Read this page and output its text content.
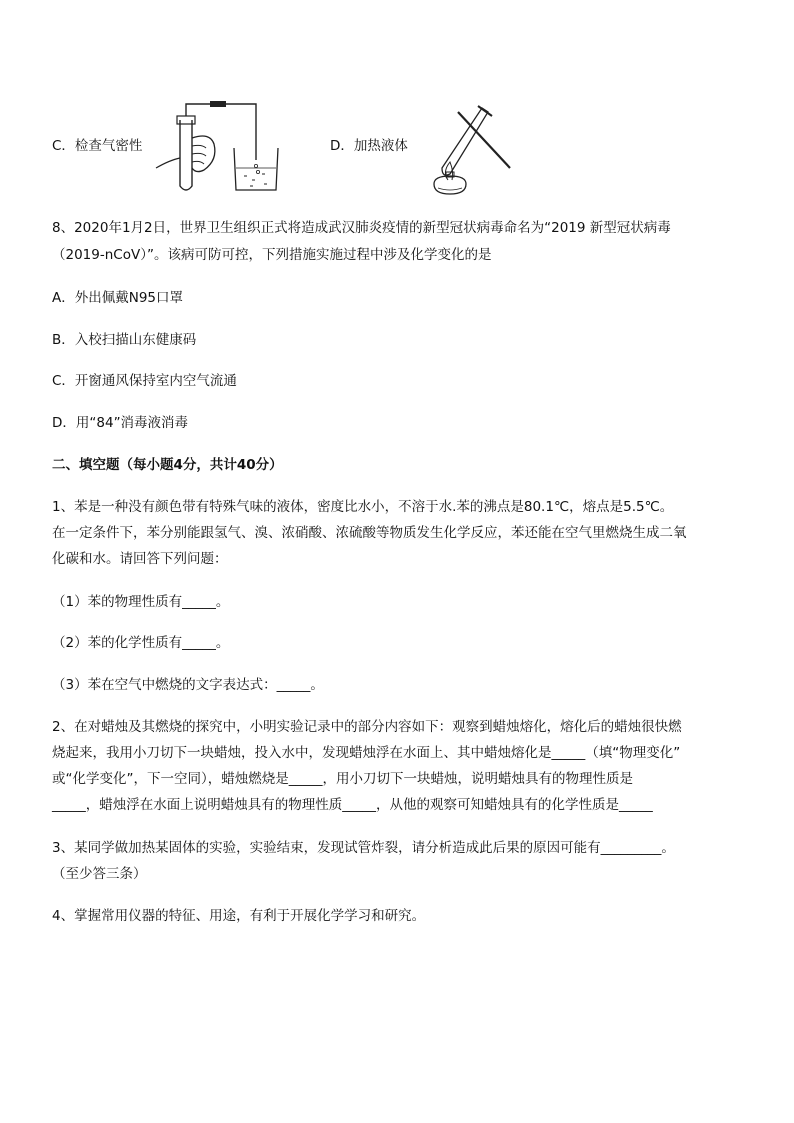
C．检查气密性	D．加热液体
8、2020年1月2日，世界卫生组织正式将造成武汉肺炎疫情的新型冠状病毒命名为“2019 新型冠状病毒
（2019-nCoV）”。该病可防可控，下列措施实施过程中涉及化学变化的是
A．外出佩戴N95口罩
B．入校扫描山东健康码
C．开窗通风保持室内空气流通
D．用“84”消毒液消毒
二、填空题（每小题4分，共计40分）
1、苯是一种没有颜色带有特殊气味的液体，密度比水小，不溶于水.苯的沸点是80.1℃，熔点是5.5℃。
在一定条件下，苯分别能跟氢气、溴、浓硝酸、浓硫酸等物质发生化学反应，苯还能在空气里燃烧生成二氧
化碳和水。请回答下列问题：
（1）苯的物理性质有_____。
（2）苯的化学性质有_____。
（3）苯在空气中燃烧的文字表达式：_____。
2、在对蜡烛及其燃烧的探究中，小明实验记录中的部分内容如下：观察到蜡烛熔化，熔化后的蜡烛很快燃
烧起来，我用小刀切下一块蜡烛，投入水中，发现蜡烛浮在水面上、其中蜡烛熔化是_____（填“物理变化”
或“化学变化”，下一空同），蜡烛燃烧是_____，用小刀切下一块蜡烛，说明蜡烛具有的物理性质是
_____，蜡烛浮在水面上说明蜡烛具有的物理性质_____，从他的观察可知蜡烛具有的化学性质是_____
3、某同学做加热某固体的实验，实验结束，发现试管炸裂，请分析造成此后果的原因可能有_________。
（至少答三条）
4、掌握常用仪器的特征、用途，有利于开展化学学习和研究。
